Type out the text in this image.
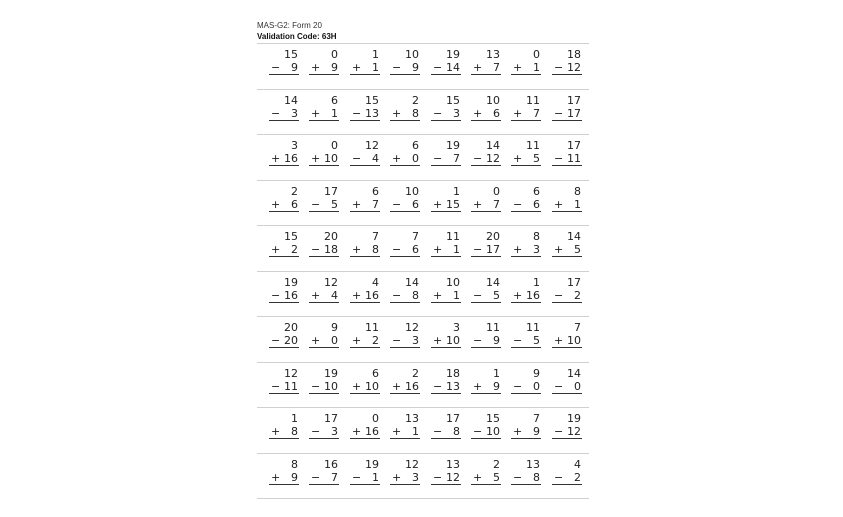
MAS-G2: Form 20
Validation Code: 63H
15
− 9
0
+ 9
1
+ 1
10
− 9
19
− 14
13
+ 7
0
+ 1
18
− 12
14
− 3
6
+ 1
15
− 13
2
+ 8
15
− 3
10
+ 6
11
+ 7
17
− 17
3
+ 16
0
+ 10
12
− 4
6
+ 0
19
− 7
14
− 12
11
+ 5
17
− 11
2
+ 6
17
− 5
6
+ 7
10
− 6
1
+ 15
0
+ 7
6
− 6
8
+ 1
15
+ 2
20
− 18
7
+ 8
7
− 6
11
+ 1
20
− 17
8
+ 3
14
+ 5
19
− 16
12
+ 4
4
+ 16
14
− 8
10
+ 1
14
− 5
1
+ 16
17
− 2
20
− 20
9
+ 0
11
+ 2
12
− 3
3
+ 10
11
− 9
11
− 5
7
+ 10
12
− 11
19
− 10
6
+ 10
2
+ 16
18
− 13
1
+ 9
9
− 0
14
− 0
1
+ 8
17
− 3
0
+ 16
13
+ 1
17
− 8
15
− 10
7
+ 9
19
− 12
8
+ 9
16
− 7
19
− 1
12
+ 3
13
− 12
2
+ 5
13
− 8
4
− 2
